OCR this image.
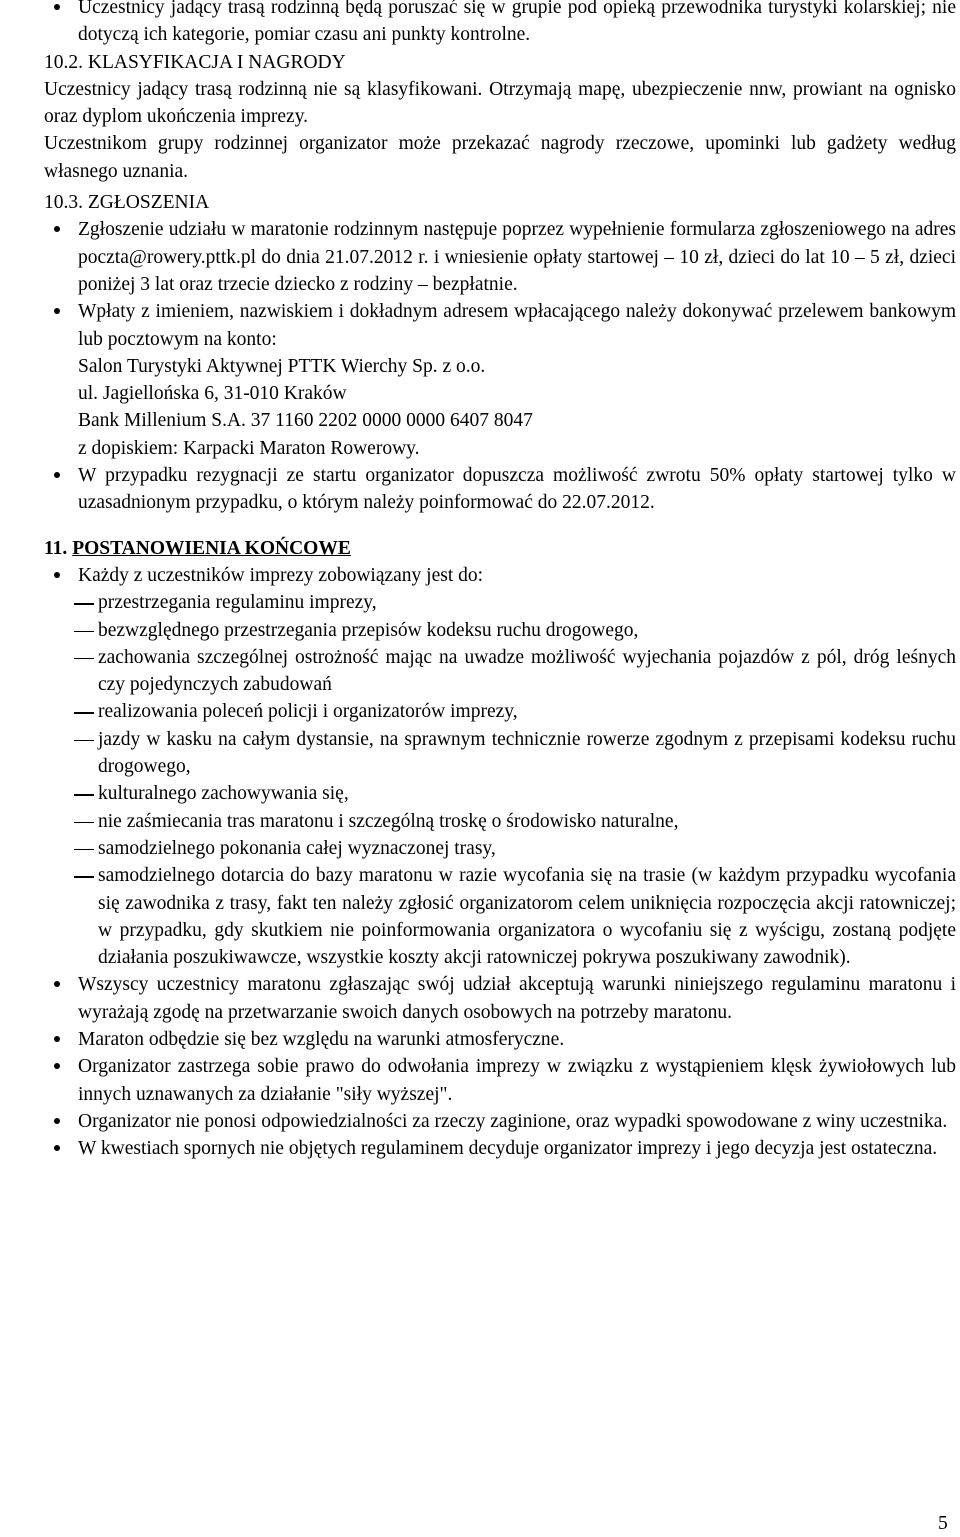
Uczestnicy jadący trasą rodzinną będą poruszać się w grupie pod opieką przewodnika turystyki kolarskiej; nie dotyczą ich kategorie, pomiar czasu ani punkty kontrolne.
10.2. KLASYFIKACJA I NAGRODY
Uczestnicy jadący trasą rodzinną nie są klasyfikowani. Otrzymają mapę, ubezpieczenie nnw, prowiant na ognisko oraz dyplom ukończenia imprezy.
Uczestnikom grupy rodzinnej organizator może przekazać nagrody rzeczowe, upominki lub gadżety według własnego uznania.
10.3. ZGŁOSZENIA
Zgłoszenie udziału w maratonie rodzinnym następuje poprzez wypełnienie formularza zgłoszeniowego na adres poczta@rowery.pttk.pl do dnia 21.07.2012 r. i wniesienie opłaty startowej – 10 zł, dzieci do lat 10 – 5 zł, dzieci poniżej 3 lat oraz trzecie dziecko z rodziny – bezpłatnie.
Wpłaty z imieniem, nazwiskiem i dokładnym adresem wpłacającego należy dokonywać przelewem bankowym lub pocztowym na konto:
Salon Turystyki Aktywnej PTTK Wierchy Sp. z o.o.
ul. Jagiellońska 6, 31-010 Kraków
Bank Millenium S.A. 37 1160 2202 0000 0000 6407 8047
z dopiskiem: Karpacki Maraton Rowerowy.
W przypadku rezygnacji ze startu organizator dopuszcza możliwość zwrotu 50% opłaty startowej tylko w uzasadnionym przypadku, o którym należy poinformować do 22.07.2012.
11. POSTANOWIENIA KOŃCOWE
Każdy z uczestników imprezy zobowiązany jest do:
przestrzegania regulaminu imprezy,
bezwzględnego przestrzegania przepisów kodeksu ruchu drogowego,
zachowania szczególnej ostrożność mając na uwadze możliwość wyjechania pojazdów z pól, dróg leśnych czy pojedynczych zabudowań
realizowania poleceń policji i organizatorów imprezy,
jazdy w kasku na całym dystansie, na sprawnym technicznie rowerze zgodnym z przepisami kodeksu ruchu drogowego,
kulturalnego zachowywania się,
nie zaśmiecania tras maratonu i szczególną troskę o środowisko naturalne,
samodzielnego pokonania całej wyznaczonej trasy,
samodzielnego dotarcia do bazy maratonu w razie wycofania się na trasie (w każdym przypadku wycofania się zawodnika z trasy, fakt ten należy zgłosić organizatorom celem uniknięcia rozpoczęcia akcji ratowniczej; w przypadku, gdy skutkiem nie poinformowania organizatora o wycofaniu się z wyścigu, zostaną podjęte działania poszukiwawcze, wszystkie koszty akcji ratowniczej pokrywa poszukiwany zawodnik).
Wszyscy uczestnicy maratonu zgłaszając swój udział akceptują warunki niniejszego regulaminu maratonu i wyrażają zgodę na przetwarzanie swoich danych osobowych na potrzeby maratonu.
Maraton odbędzie się bez względu na warunki atmosferyczne.
Organizator zastrzega sobie prawo do odwołania imprezy w związku z wystąpieniem klęsk żywiołowych lub innych uznawanych za działanie "siły wyższej".
Organizator nie ponosi odpowiedzialności za rzeczy zaginione, oraz wypadki spowodowane z winy uczestnika.
W kwestiach spornych nie objętych regulaminem decyduje organizator imprezy i jego decyzja jest ostateczna.
5
